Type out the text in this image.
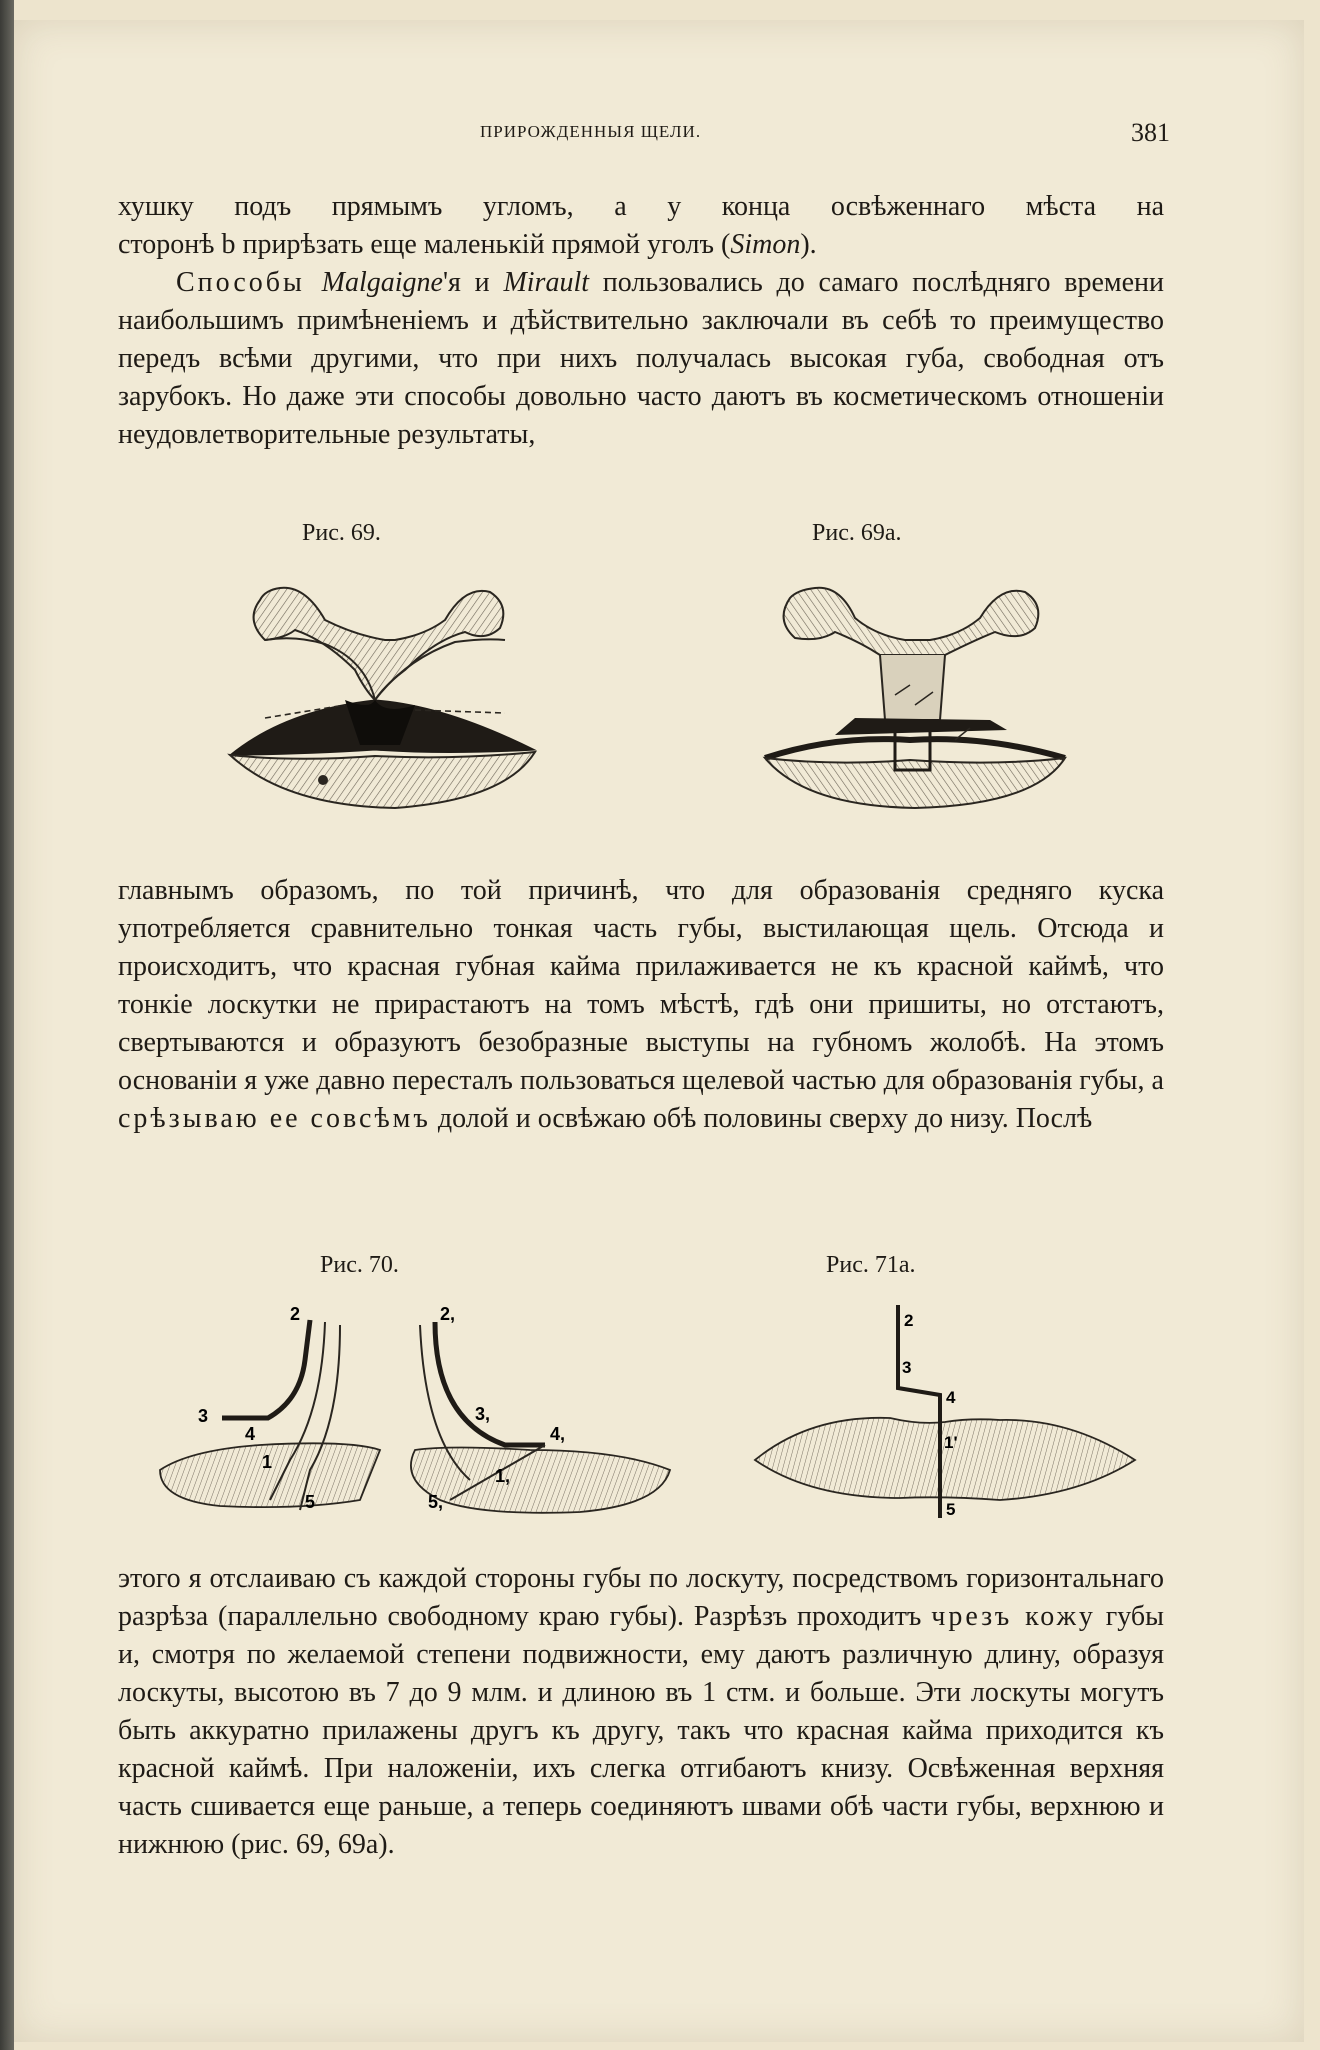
ПРИРОЖДЕННЫЯ ЩЕЛИ.	381

хушку подъ прямымъ угломъ, а у конца освѣженнаго мѣста на

сторонѣ b прирѣзать еще маленькій прямой уголъ (Simon).

Способы Malgaigne'я и Mirault пользовались до самаго послѣдняго времени наибольшимъ примѣненіемъ и дѣйствительно заключали въ себѣ то преимущество передъ всѣми другими, что при нихъ получалась высокая губа, свободная отъ зарубокъ. Но даже эти способы довольно часто даютъ въ косметическомъ отношеніи неудовлетворительные результаты,

Рис. 69.	Рис. 69а.

главнымъ образомъ, по той причинѣ, что для образованія средняго куска употребляется сравнительно тонкая часть губы, выстилающая щель. Отсюда и происходитъ, что красная губная кайма прилаживается не къ красной каймѣ, что тонкіе лоскутки не прирастаютъ на томъ мѣстѣ, гдѣ они пришиты, но отстаютъ, свертываются и образуютъ безобразные выступы на губномъ жолобѣ. На этомъ основаніи я уже давно пересталъ пользоваться щелевой частью для образованія губы, а срѣзываю ее совсѣмъ долой и освѣжаю обѣ половины сверху до низу. Послѣ

Рис. 70.	Рис. 71а.
2
3
4
1
5
2,
3,
4,
1,
5,
2
3
4
1'
5

этого я отслаиваю съ каждой стороны губы по лоскуту, посредствомъ горизонтальнаго разрѣза (параллельно свободному краю губы). Разрѣзъ проходитъ чрезъ кожу губы и, смотря по желаемой степени подвижности, ему даютъ различную длину, образуя лоскуты, высотою въ 7 до 9 млм. и длиною въ 1 стм. и больше. Эти лоскуты могутъ быть аккуратно прилажены другъ къ другу, такъ что красная кайма приходится къ красной каймѣ. При наложеніи, ихъ слегка отгибаютъ книзу. Освѣженная верхняя часть сшивается еще раньше, а теперь соединяютъ швами обѣ части губы, верхнюю и нижнюю (рис. 69, 69а).
